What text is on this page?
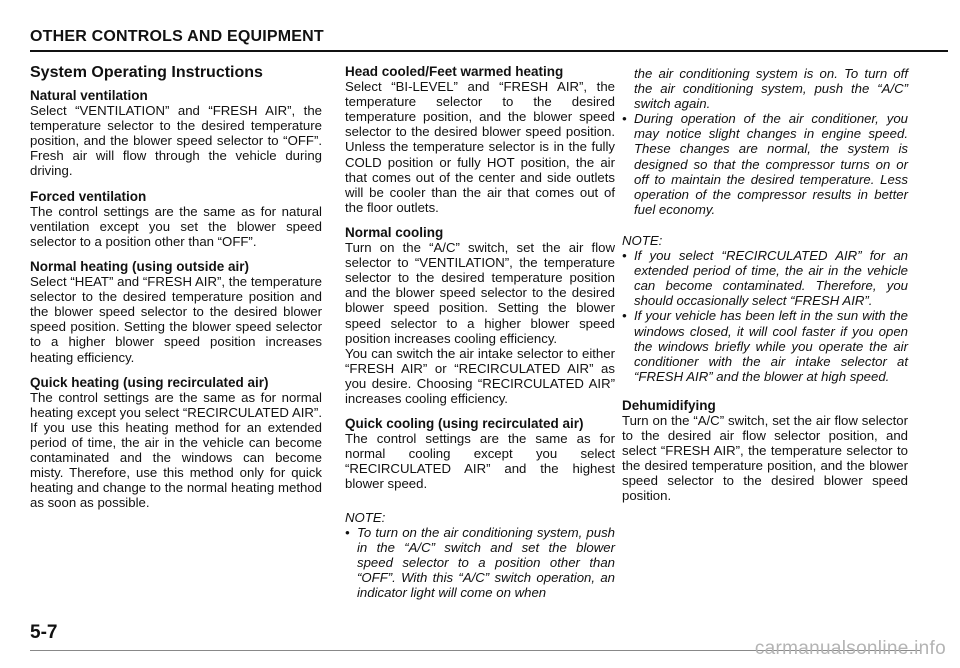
OTHER CONTROLS AND EQUIPMENT
System Operating Instructions
Natural ventilation

Select “VENTILATION” and “FRESH AIR”, the temperature selector to the desired temperature position, and the blower speed selector to “OFF”. Fresh air will flow through the vehicle during driving.

Forced ventilation

The control settings are the same as for natural ventilation except you set the blower speed selector to a position other than “OFF”.

Normal heating (using outside air)

Select “HEAT” and “FRESH AIR”, the temperature selector to the desired temperature position and the blower speed selector to the desired blower speed position. Setting the blower speed selector to a higher blower speed position increases heating efficiency.

Quick heating (using recirculated air)

The control settings are the same as for normal heating except you select “RECIRCULATED AIR”. If you use this heating method for an extended period of time, the air in the vehicle can become contaminated and the windows can become misty. Therefore, use this method only for quick heating and change to the normal heating method as soon as possible.

Head cooled/Feet warmed heating

Select “BI-LEVEL” and “FRESH AIR”, the temperature selector to the desired temperature position, and the blower speed selector to the desired blower speed position. Unless the temperature selector is in the fully COLD position or fully HOT position, the air that comes out of the center and side outlets will be cooler than the air that comes out of the floor outlets.

Normal cooling

Turn on the “A/C” switch, set the air flow selector to “VENTILATION”, the temperature selector to the desired temperature position and the blower speed selector to the desired blower speed position. Setting the blower speed selector to a higher blower speed position increases cooling efficiency.

You can switch the air intake selector to either “FRESH AIR” or “RECIRCULATED AIR” as you desire. Choosing “RECIRCULATED AIR” increases cooling efficiency.

Quick cooling (using recirculated air)

The control settings are the same as for normal cooling except you select “RECIRCULATED AIR” and the highest blower speed.

NOTE:

• To turn on the air conditioning system, push in the “A/C” switch and set the blower speed selector to a position other than “OFF”. With this “A/C” switch operation, an indicator light will come on when

the air conditioning system is on. To turn off the air conditioning system, push the “A/C” switch again.

• During operation of the air conditioner, you may notice slight changes in engine speed. These changes are normal, the system is designed so that the compressor turns on or off to maintain the desired temperature. Less operation of the compressor results in better fuel economy.

NOTE:

• If you select “RECIRCULATED AIR” for an extended period of time, the air in the vehicle can become contaminated. Therefore, you should occasionally select “FRESH AIR”.
• If your vehicle has been left in the sun with the windows closed, it will cool faster if you open the windows briefly while you operate the air conditioner with the air intake selector at “FRESH AIR” and the blower at high speed.
Dehumidifying

Turn on the “A/C” switch, set the air flow selector to the desired air flow selector position, and select “FRESH AIR”, the temperature selector to the desired temperature position, and the blower speed selector to the desired blower speed position.

5-7
carmanualsonline.info
